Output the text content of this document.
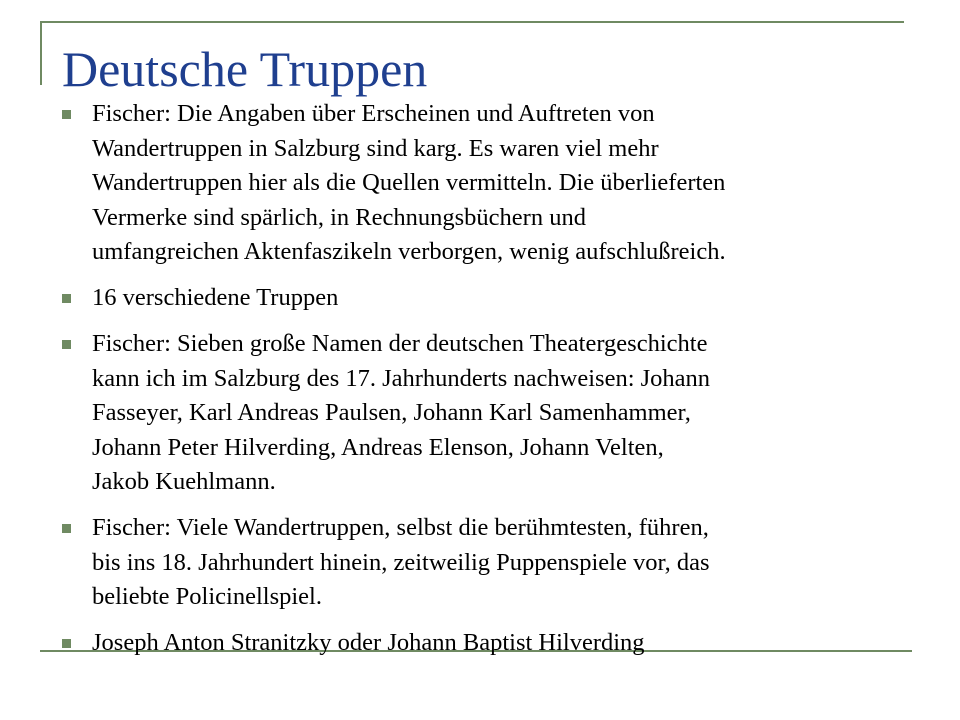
Deutsche Truppen
Fischer: Die Angaben über Erscheinen und Auftreten von
Wandertruppen in Salzburg sind karg. Es waren viel mehr
Wandertruppen hier als die Quellen vermitteln. Die überlieferten
Vermerke sind spärlich, in Rechnungsbüchern und
umfangreichen Aktenfaszikeln verborgen, wenig aufschlußreich.
16 verschiedene Truppen
Fischer: Sieben große Namen der deutschen Theatergeschichte
kann ich im Salzburg des 17. Jahrhunderts nachweisen: Johann
Fasseyer, Karl Andreas Paulsen, Johann Karl Samenhammer,
Johann Peter Hilverding, Andreas Elenson, Johann Velten,
Jakob Kuehlmann.
Fischer: Viele Wandertruppen, selbst die berühmtesten, führen,
bis ins 18. Jahrhundert hinein, zeitweilig Puppenspiele vor, das
beliebte Policinellspiel.
Joseph Anton Stranitzky oder Johann Baptist Hilverding
